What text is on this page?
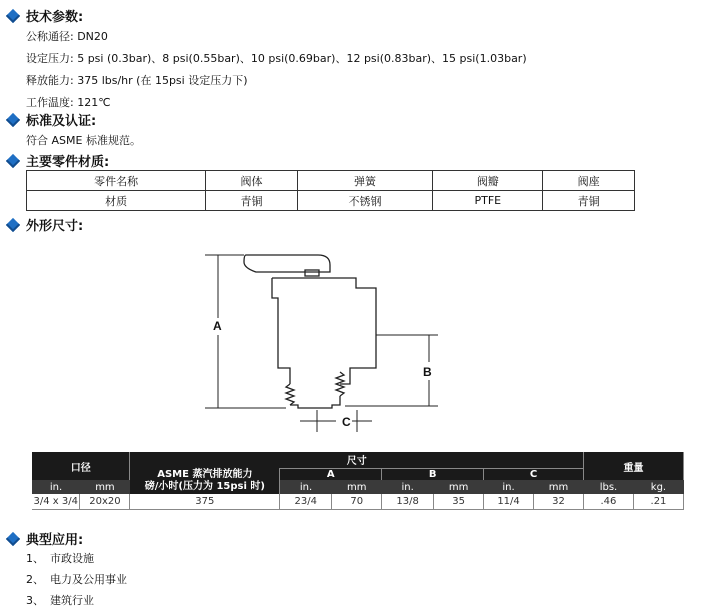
技术参数:
公称通径: DN20
设定压力: 5 psi (0.3bar)、8 psi(0.55bar)、10 psi(0.69bar)、12 psi(0.83bar)、15 psi(1.03bar)
释放能力: 375 lbs/hr (在 15psi 设定压力下)
工作温度: 121℃
标准及认证:
符合 ASME 标准规范。
主要零件材质:
零件名称	阀体	弹簧	阀瓣	阀座
材质	青铜	不锈钢	PTFE	青铜
外形尺寸:
A
B
C
口径		尺寸							重量	

		ASME 蒸汽排放能力
磅/小时(压力为 15psi 时)	A		B		C			
in.	mm		in.	mm	in.	mm	in.	mm	lbs.	kg.
3/4 x 3/4	20x20	375	23/4	70	13/8	35	11/4	32	.46	.21
典型应用:
1、 市政设施
2、 电力及公用事业
3、 建筑行业
